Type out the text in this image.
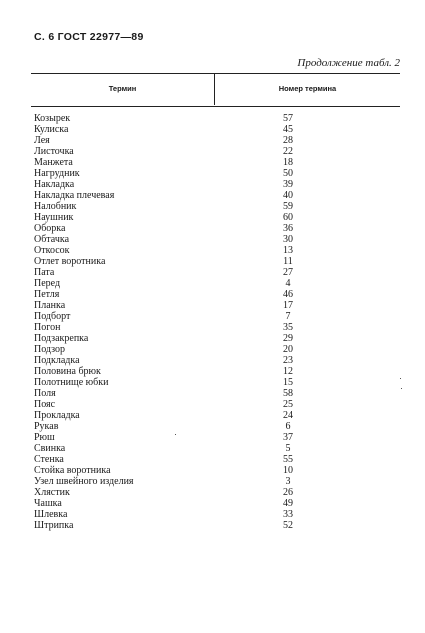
С. 6 ГОСТ 22977—89
Продолжение табл. 2
Термин	Номер термина
Козырек	57
Кулиска	45
Лея	28
Листочка	22
Манжета	18
Нагрудник	50
Накладка	39
Накладка плечевая	40
Налобник	59
Наушник	60
Оборка	36
Обтачка	30
Откосок	13
Отлет воротника	11
Пата	27
Перед	4
Петля	46
Планка	17
Подборт	7
Погон	35
Подзакрепка	29
Подзор	20
Подкладка	23
Половина брюк	12
Полотнище юбки	15
Поля	58
Пояс	25
Прокладка	24
Рукав	6
Рюш	37
Свинка	5
Стенка	55
Стойка воротника	10
Узел швейного изделия	3
Хлястик	26
Чашка	49
Шлевка	33
Штрипка	52
